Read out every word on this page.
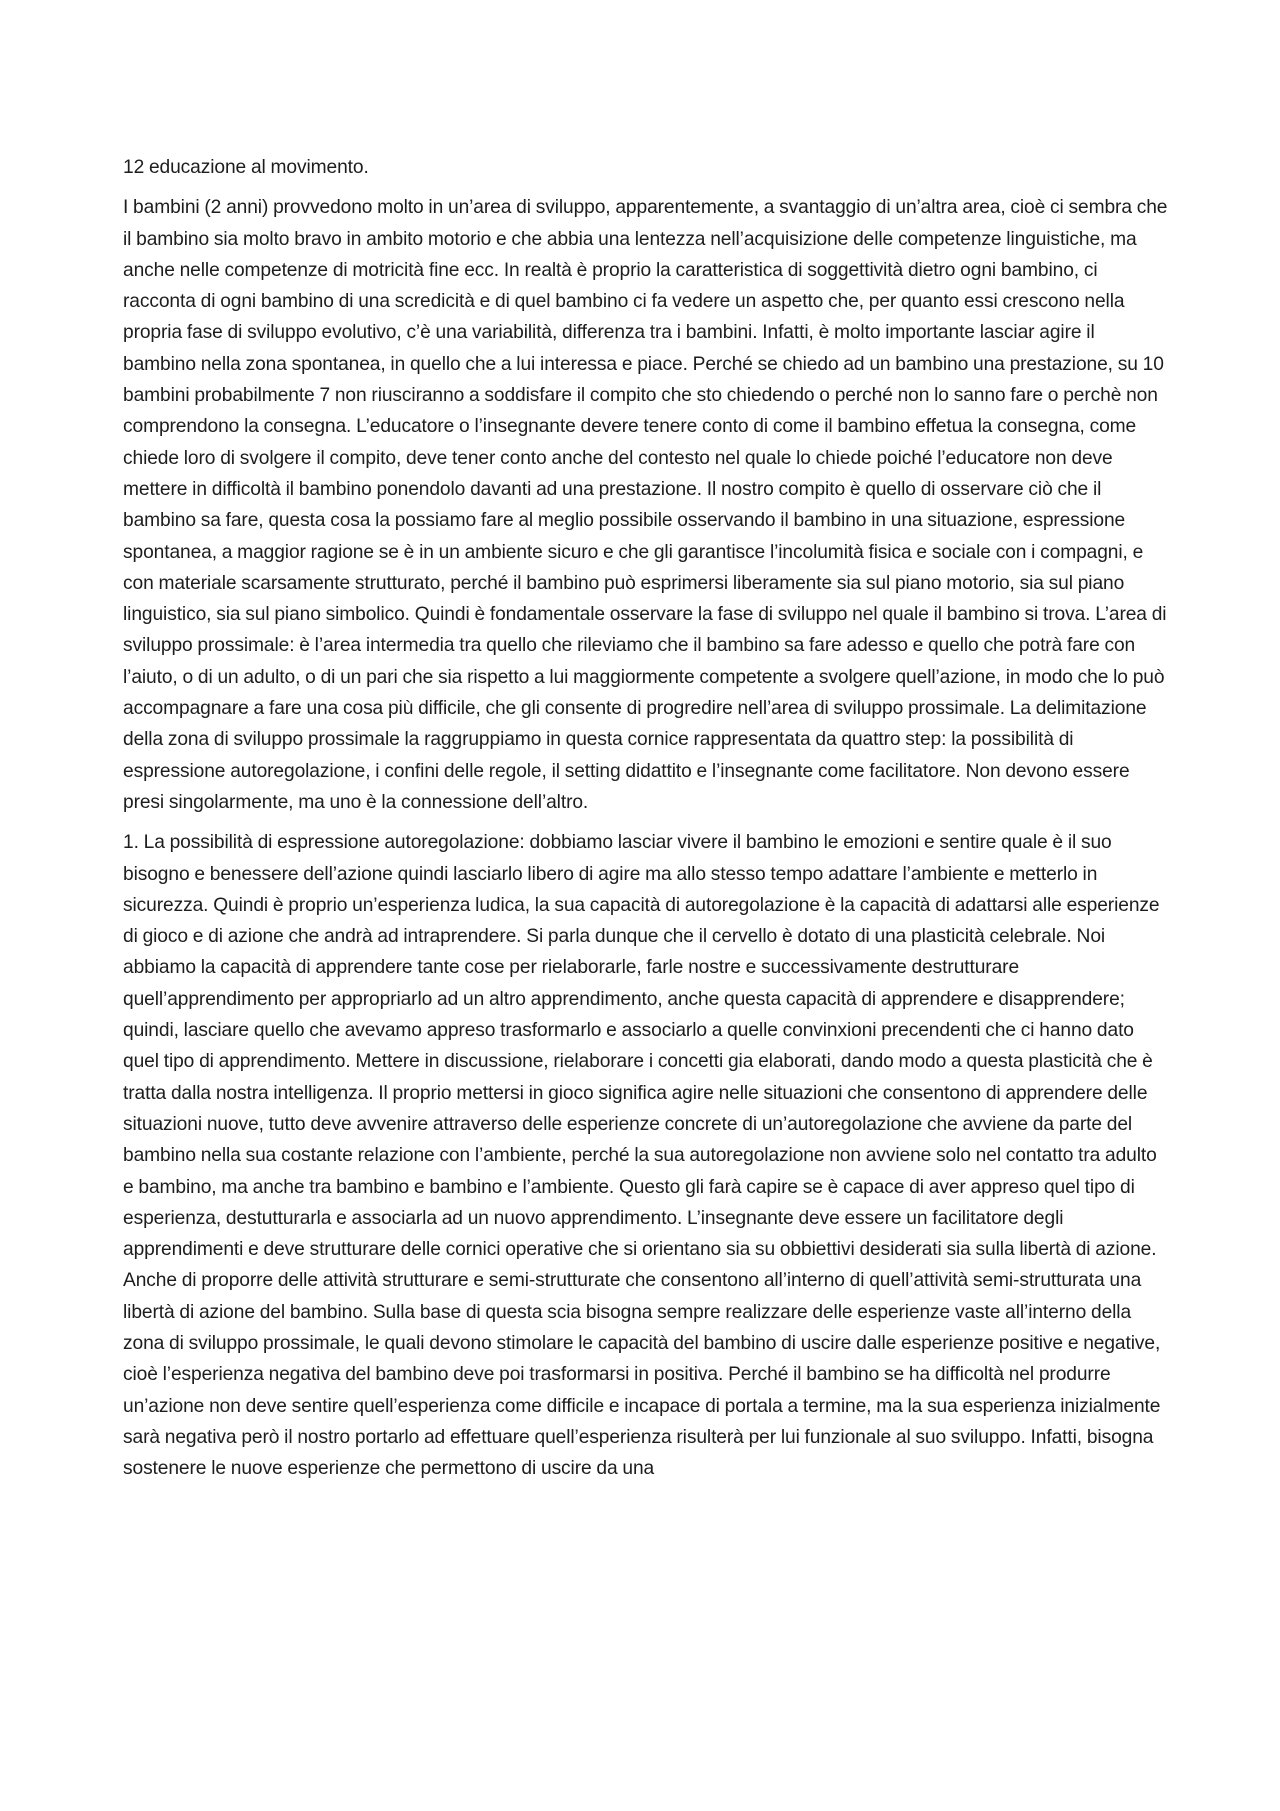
12 educazione al movimento.

I bambini (2 anni) provvedono molto in un’area di sviluppo, apparentemente, a svantaggio di un’altra area, cioè ci sembra che il bambino sia molto bravo in ambito motorio e che abbia una lentezza nell’acquisizione delle competenze linguistiche, ma anche nelle competenze di motricità fine ecc. In realtà è proprio la caratteristica di soggettività dietro ogni bambino, ci racconta di ogni bambino di una scredicità e di quel bambino ci fa vedere un aspetto che, per quanto essi crescono nella propria fase di sviluppo evolutivo, c’è una variabilità, differenza tra i bambini. Infatti, è molto importante lasciar agire il bambino nella zona spontanea, in quello che a lui interessa e piace. Perché se chiedo ad un bambino una prestazione, su 10 bambini probabilmente 7 non riusciranno a soddisfare il compito che sto chiedendo o perché non lo sanno fare o perchè non comprendono la consegna. L’educatore o l’insegnante devere tenere conto di come il bambino effetua la consegna, come chiede loro di svolgere il compito, deve tener conto anche del contesto nel quale lo chiede poiché l’educatore non deve mettere in difficoltà il bambino ponendolo davanti ad una prestazione. Il nostro compito è quello di osservare ciò che il bambino sa fare, questa cosa la possiamo fare al meglio possibile osservando il bambino in una situazione, espressione spontanea, a maggior ragione se è in un ambiente sicuro e che gli garantisce l’incolumità fisica e sociale con i compagni, e con materiale scarsamente strutturato, perché il bambino può esprimersi liberamente sia sul piano motorio, sia sul piano linguistico, sia sul piano simbolico. Quindi è fondamentale osservare la fase di sviluppo nel quale il bambino si trova. L’area di sviluppo prossimale: è l’area intermedia tra quello che rileviamo che il bambino sa fare adesso e quello che potrà fare con l’aiuto, o di un adulto, o di un pari che sia rispetto a lui maggiormente competente a svolgere quell’azione, in modo che lo può accompagnare a fare una cosa più difficile, che gli consente di progredire nell’area di sviluppo prossimale. La delimitazione della zona di sviluppo prossimale la raggruppiamo in questa cornice rappresentata da quattro step: la possibilità di espressione autoregolazione, i confini delle regole, il setting didattito e l’insegnante come facilitatore. Non devono essere presi singolarmente, ma uno è la connessione dell’altro.

1. La possibilità di espressione autoregolazione: dobbiamo lasciar vivere il bambino le emozioni e sentire quale è il suo bisogno e benessere dell’azione quindi lasciarlo libero di agire ma allo stesso tempo adattare l’ambiente e metterlo in sicurezza. Quindi è proprio un’esperienza ludica, la sua capacità di autoregolazione è la capacità di adattarsi alle esperienze di gioco e di azione che andrà ad intraprendere. Si parla dunque che il cervello è dotato di una plasticità celebrale. Noi abbiamo la capacità di apprendere tante cose per rielaborarle, farle nostre e successivamente destrutturare quell’apprendimento per appropriarlo ad un altro apprendimento, anche questa capacità di apprendere e disapprendere; quindi, lasciare quello che avevamo appreso trasformarlo e associarlo a quelle convinxioni precendenti che ci hanno dato quel tipo di apprendimento. Mettere in discussione, rielaborare i concetti gia elaborati, dando modo a questa plasticità che è tratta dalla nostra intelligenza. Il proprio mettersi in gioco significa agire nelle situazioni che consentono di apprendere delle situazioni nuove, tutto deve avvenire attraverso delle esperienze concrete di un’autoregolazione che avviene da parte del bambino nella sua costante relazione con l’ambiente, perché la sua autoregolazione non avviene solo nel contatto tra adulto e bambino, ma anche tra bambino e bambino e l’ambiente. Questo gli farà capire se è capace di aver appreso quel tipo di esperienza, destutturarla e associarla ad un nuovo apprendimento. L’insegnante deve essere un facilitatore degli apprendimenti e deve strutturare delle cornici operative che si orientano sia su obbiettivi desiderati sia sulla libertà di azione. Anche di proporre delle attività strutturare e semi-strutturate che consentono all’interno di quell’attività semi-strutturata una libertà di azione del bambino. Sulla base di questa scia bisogna sempre realizzare delle esperienze vaste all’interno della zona di sviluppo prossimale, le quali devono stimolare le capacità del bambino di uscire dalle esperienze positive e negative, cioè l’esperienza negativa del bambino deve poi trasformarsi in positiva. Perché il bambino se ha difficoltà nel produrre un’azione non deve sentire quell’esperienza come difficile e incapace di portala a termine, ma la sua esperienza inizialmente sarà negativa però il nostro portarlo ad effettuare quell’esperienza risulterà per lui funzionale al suo sviluppo. Infatti, bisogna sostenere le nuove esperienze che permettono di uscire da una
